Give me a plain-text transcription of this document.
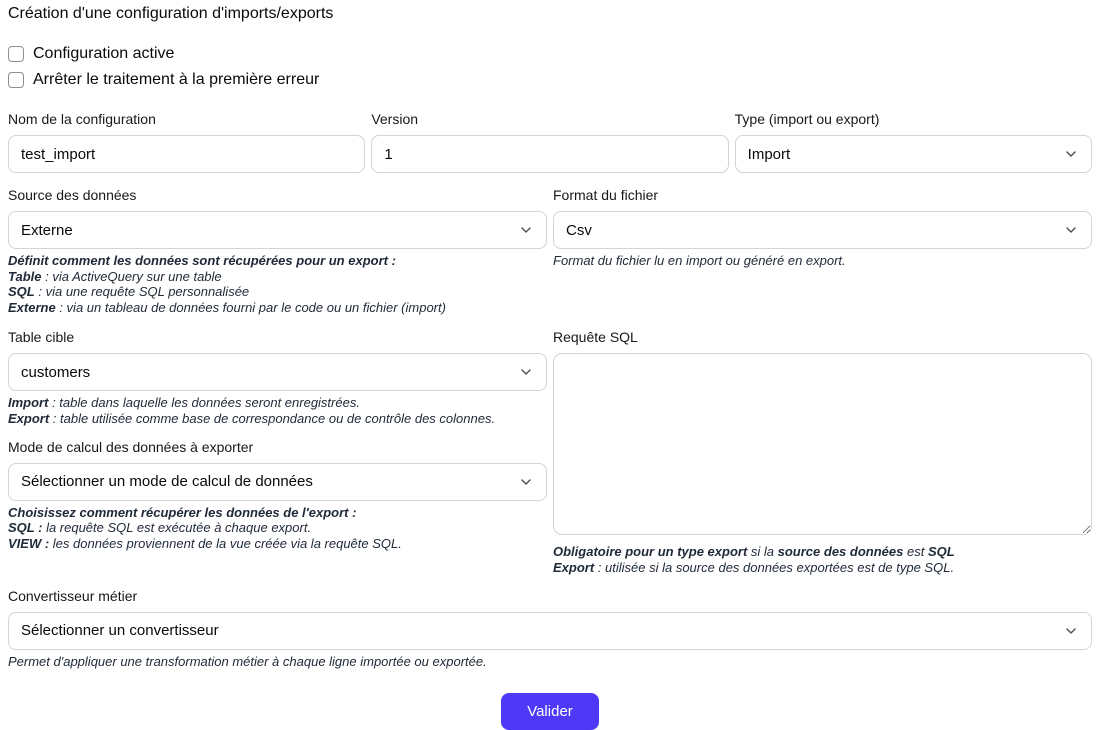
Création d'une configuration d'imports/exports
Configuration active
Arrêter le traitement à la première erreur
Nom de la configuration
test_import	Version
1	Type (import ou export)
Import
Source des données
Externe
Définit comment les données sont récupérées pour un export :
Table : via ActiveQuery sur une table
SQL : via une requête SQL personnalisée
Externe : via un tableau de données fourni par le code ou un fichier (import)
Format du fichier
Csv
Format du fichier lu en import ou généré en export.
Table cible
customers
Import : table dans laquelle les données seront enregistrées.
Export : table utilisée comme base de correspondance ou de contrôle des colonnes.
Mode de calcul des données à exporter
Sélectionner un mode de calcul de données
Choisissez comment récupérer les données de l'export :
SQL : la requête SQL est exécutée à chaque export.
VIEW : les données proviennent de la vue créée via la requête SQL.
Requête SQL
Obligatoire pour un type export si la source des données est SQL
Export : utilisée si la source des données exportées est de type SQL.
Convertisseur métier
Sélectionner un convertisseur
Permet d'appliquer une transformation métier à chaque ligne importée ou exportée.
Valider
